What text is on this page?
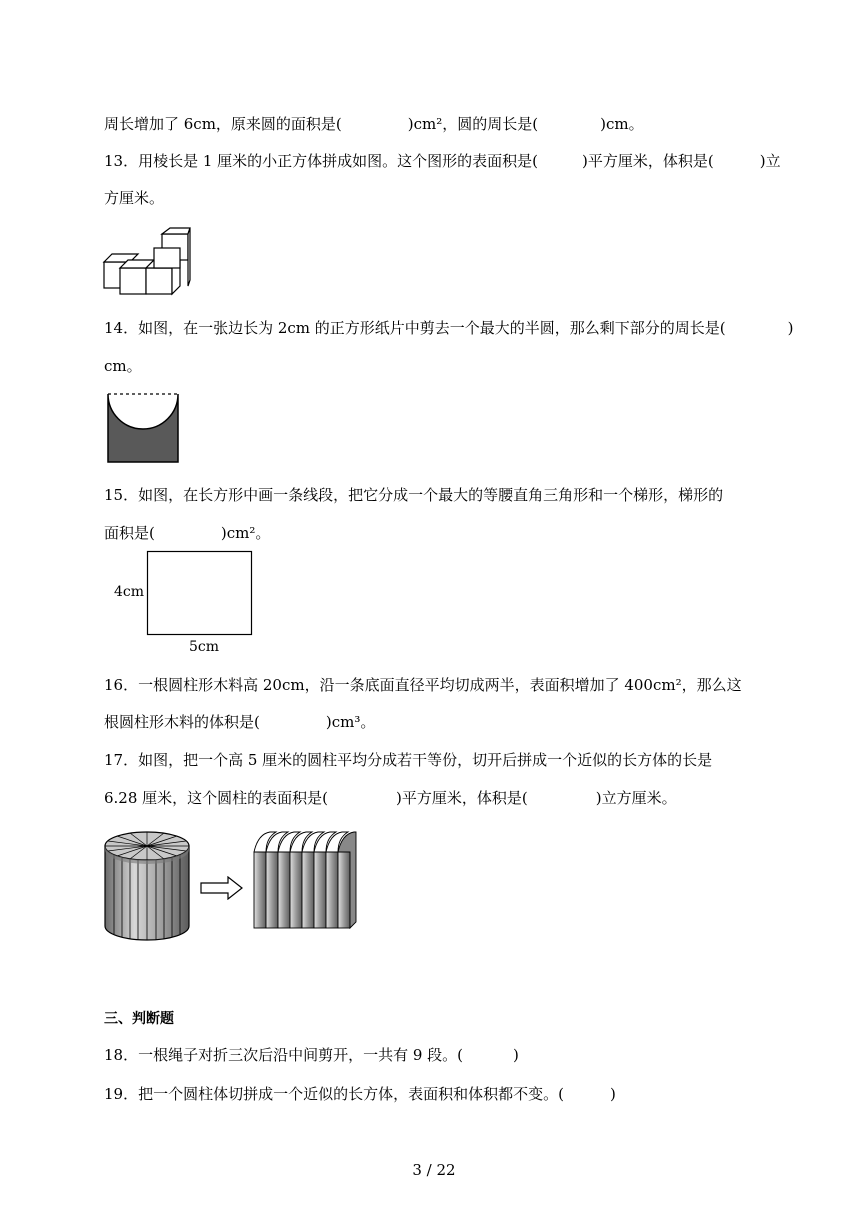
周长增加了 6cm，原来圆的面积是(	)cm²，圆的周长是(	)cm。
13．用棱长是 1 厘米的小正方体拼成如图。这个图形的表面积是(	)平方厘米，体积是(	)立
方厘米。
14．如图，在一张边长为 2cm 的正方形纸片中剪去一个最大的半圆，那么剩下部分的周长是(	)
cm。
15．如图，在长方形中画一条线段，把它分成一个最大的等腰直角三角形和一个梯形，梯形的
面积是(	)cm²。
4cm
5cm
16．一根圆柱形木料高 20cm，沿一条底面直径平均切成两半，表面积增加了 400cm²，那么这
根圆柱形木料的体积是(	)cm³。
17．如图，把一个高 5 厘米的圆柱平均分成若干等份，切开后拼成一个近似的长方体的长是
6.28 厘米，这个圆柱的表面积是(	)平方厘米，体积是(	)立方厘米。
三、判断题
18．一根绳子对折三次后沿中间剪开，一共有 9 段。(	)
19．把一个圆柱体切拼成一个近似的长方体，表面积和体积都不变。(	)
3 / 22
